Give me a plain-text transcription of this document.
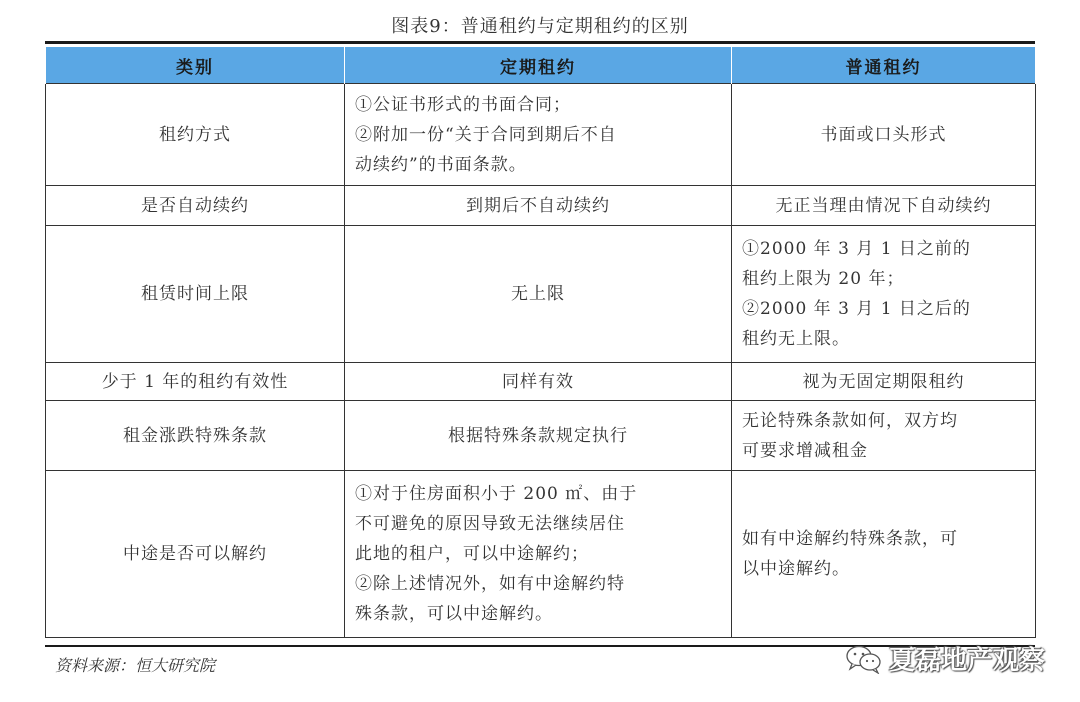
图表9：普通租约与定期租约的区别
类别	定期租约	普通租约
租约方式	①公证书形式的书面合同；
②附加一份“关于合同到期后不自
动续约”的书面条款。	书面或口头形式
是否自动续约	到期后不自动续约	无正当理由情况下自动续约
租赁时间上限	无上限	①2000 年 3 月 1 日之前的
租约上限为 20 年；
②2000 年 3 月 1 日之后的
租约无上限。

少于 1 年的租约有效性	同样有效	视为无固定期限租约
租金涨跌特殊条款	根据特殊条款规定执行	无论特殊条款如何，双方均
可要求增减租金

中途是否可以解约	①对于住房面积小于 200 ㎡、由于
不可避免的原因导致无法继续居住
此地的租户，可以中途解约；
②除上述情况外，如有中途解约特
殊条款，可以中途解约。	如有中途解约特殊条款，可
以中途解约。
资料来源：恒大研究院	夏磊地产观察
